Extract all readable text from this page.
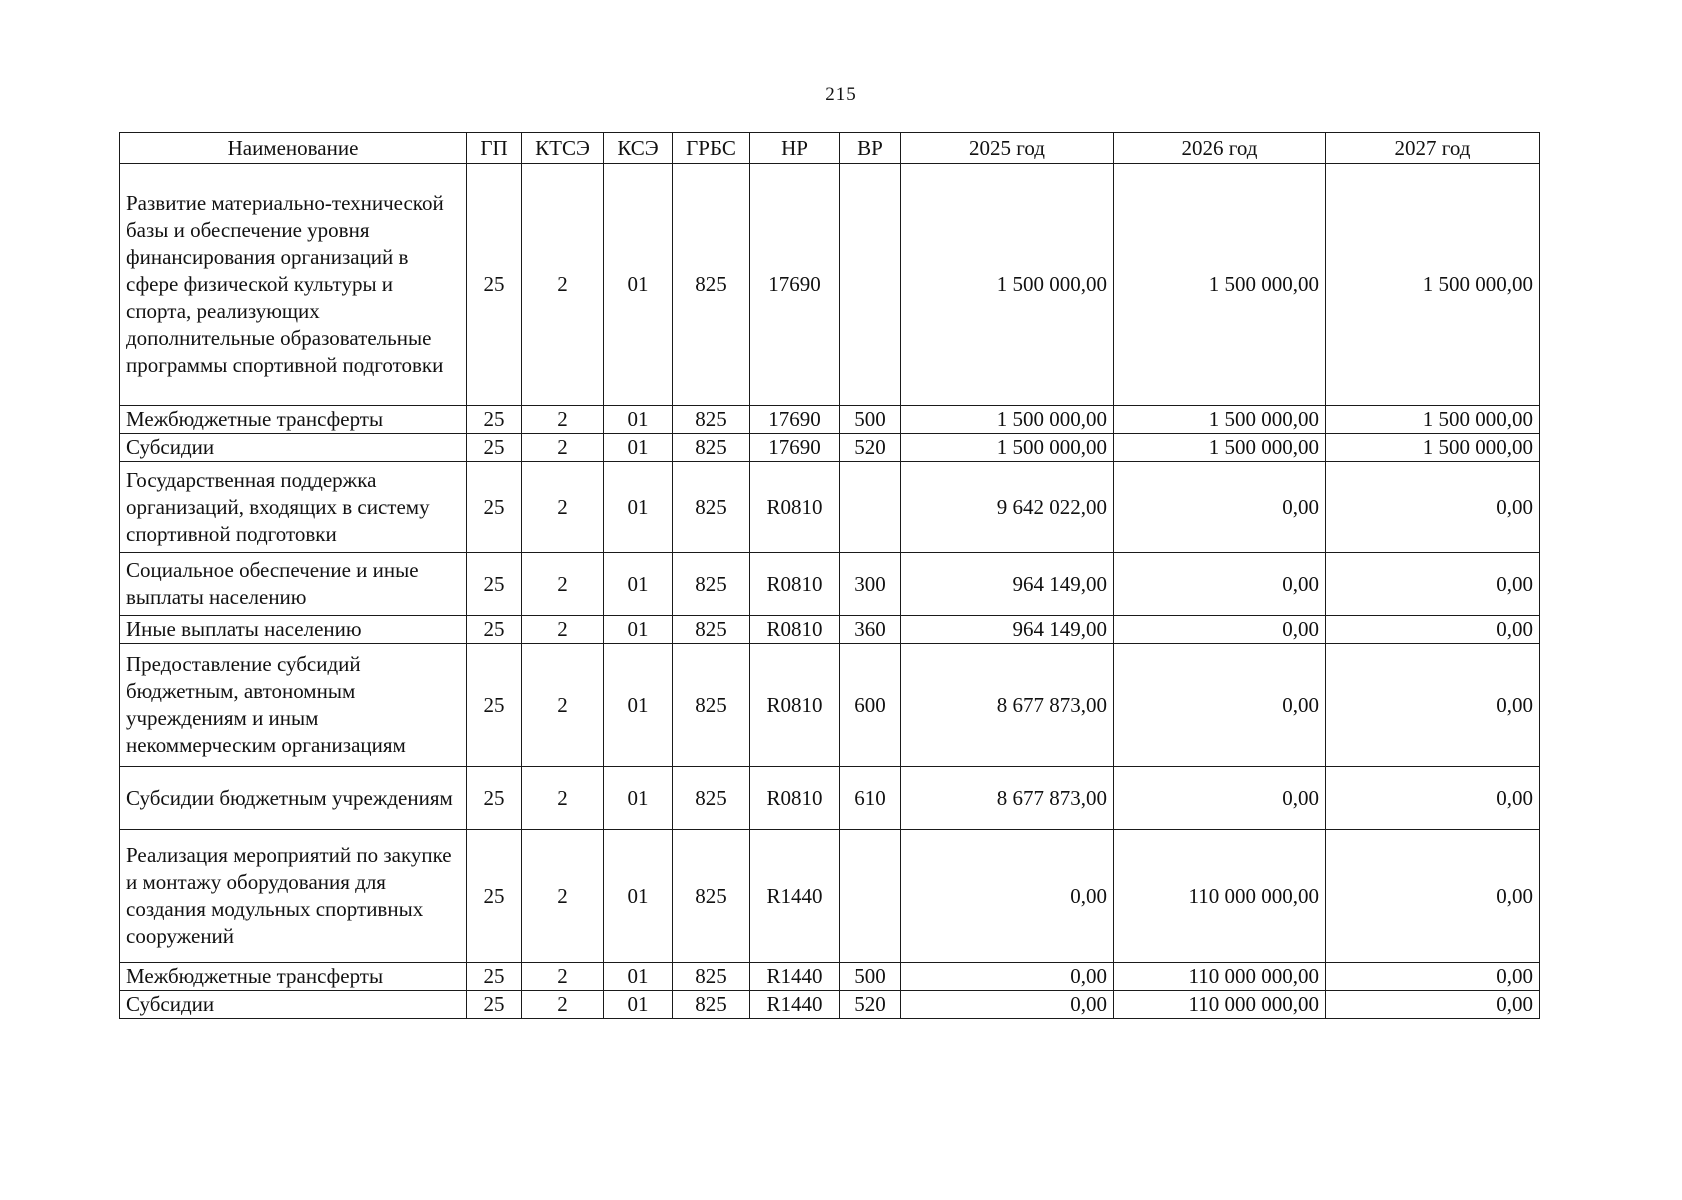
215
Наименование	ГП	КТСЭ	КСЭ	ГРБС	НР	ВР	2025 год	2026 год	2027 год
Развитие материально-технической базы и обеспечение уровня финансирования организаций в сфере физической культуры и спорта, реализующих дополнительные образовательные программы спортивной подготовки	25	2	01	825	17690		1 500 000,00	1 500 000,00	1 500 000,00
Межбюджетные трансферты	25	2	01	825	17690	500	1 500 000,00	1 500 000,00	1 500 000,00
Субсидии	25	2	01	825	17690	520	1 500 000,00	1 500 000,00	1 500 000,00
Государственная поддержка организаций, входящих в систему спортивной подготовки	25	2	01	825	R0810		9 642 022,00	0,00	0,00
Социальное обеспечение и иные выплаты населению	25	2	01	825	R0810	300	964 149,00	0,00	0,00
Иные выплаты населению	25	2	01	825	R0810	360	964 149,00	0,00	0,00
Предоставление субсидий бюджетным, автономным учреждениям и иным некоммерческим организациям	25	2	01	825	R0810	600	8 677 873,00	0,00	0,00
Субсидии бюджетным учреждениям	25	2	01	825	R0810	610	8 677 873,00	0,00	0,00
Реализация мероприятий по закупке и монтажу оборудования для создания модульных спортивных сооружений	25	2	01	825	R1440		0,00	110 000 000,00	0,00
Межбюджетные трансферты	25	2	01	825	R1440	500	0,00	110 000 000,00	0,00
Субсидии	25	2	01	825	R1440	520	0,00	110 000 000,00	0,00
